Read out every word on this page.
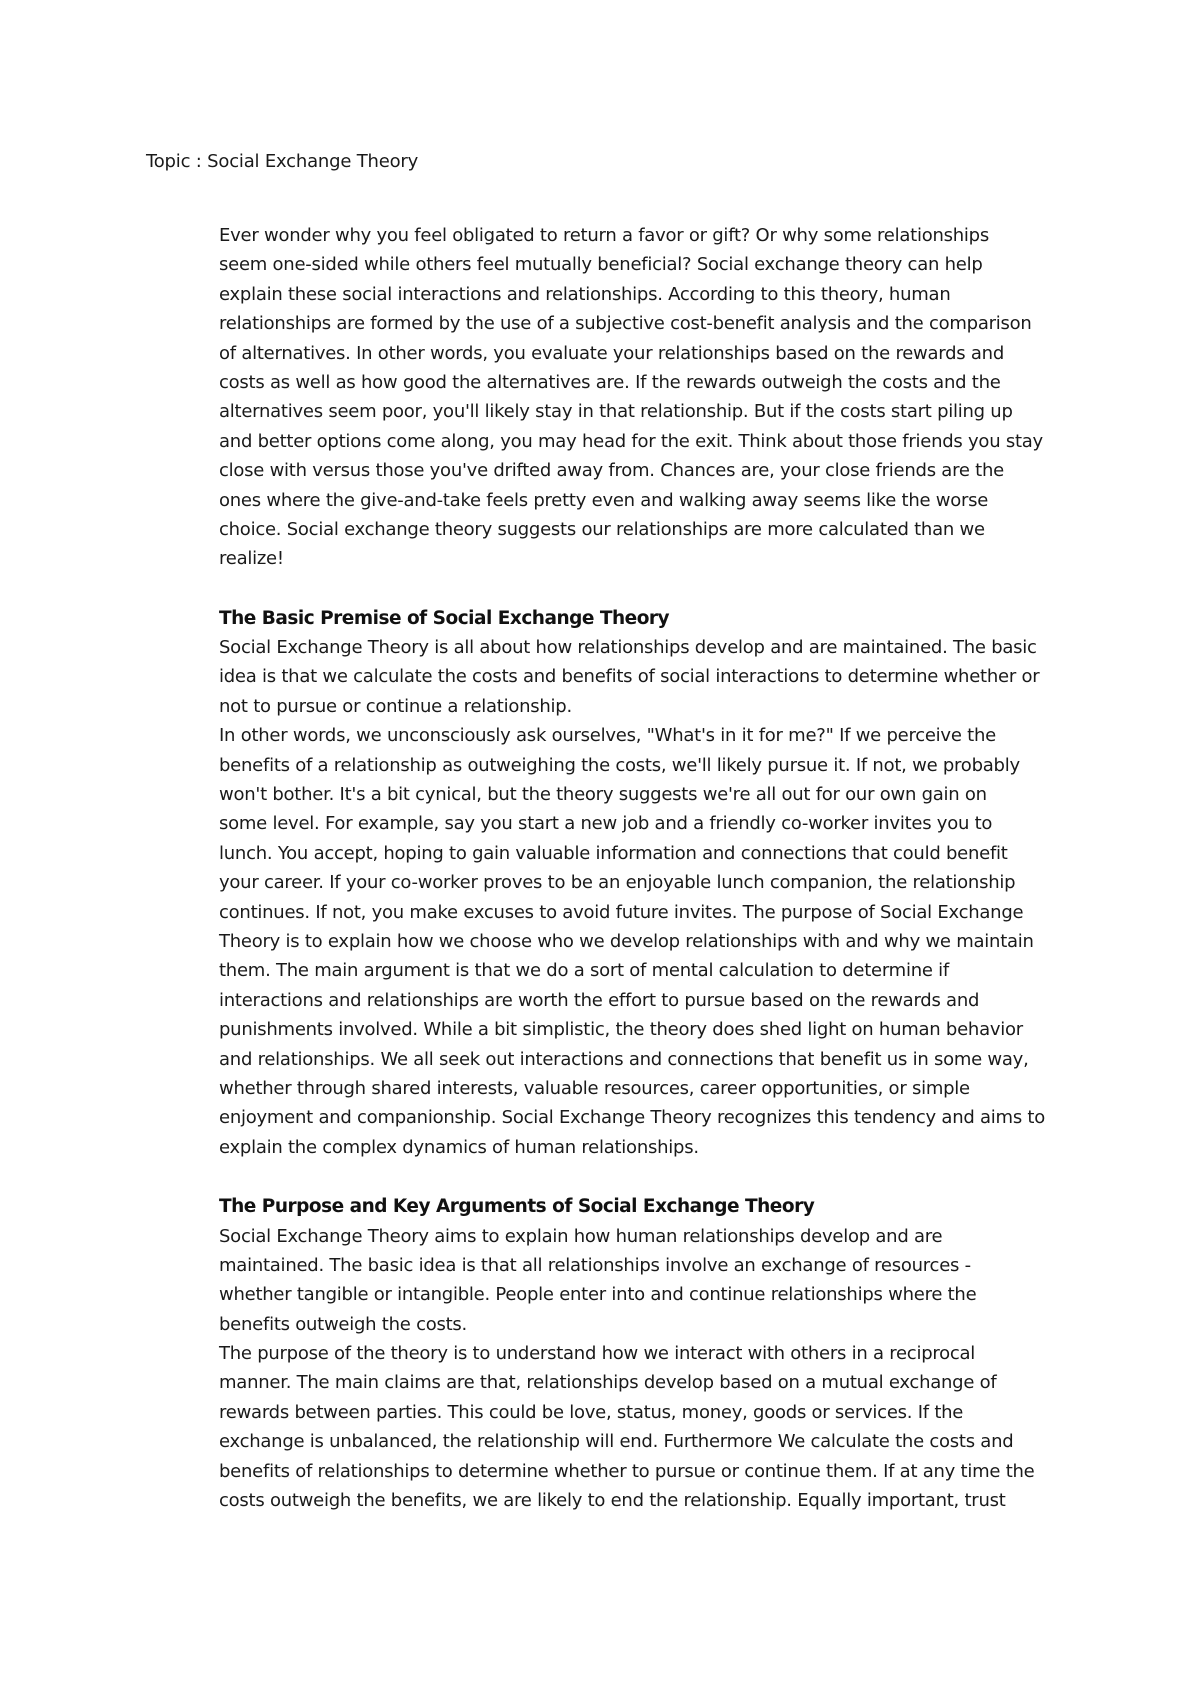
Topic : Social Exchange Theory
Ever wonder why you feel obligated to return a favor or gift? Or why some relationships
seem one-sided while others feel mutually beneficial? Social exchange theory can help
explain these social interactions and relationships. According to this theory, human
relationships are formed by the use of a subjective cost-benefit analysis and the comparison
of alternatives. In other words, you evaluate your relationships based on the rewards and
costs as well as how good the alternatives are. If the rewards outweigh the costs and the
alternatives seem poor, you'll likely stay in that relationship. But if the costs start piling up
and better options come along, you may head for the exit. Think about those friends you stay
close with versus those you've drifted away from. Chances are, your close friends are the
ones where the give-and-take feels pretty even and walking away seems like the worse
choice. Social exchange theory suggests our relationships are more calculated than we
realize!
The Basic Premise of Social Exchange Theory
Social Exchange Theory is all about how relationships develop and are maintained. The basic
idea is that we calculate the costs and benefits of social interactions to determine whether or
not to pursue or continue a relationship.
In other words, we unconsciously ask ourselves, "What's in it for me?" If we perceive the
benefits of a relationship as outweighing the costs, we'll likely pursue it. If not, we probably
won't bother. It's a bit cynical, but the theory suggests we're all out for our own gain on
some level. For example, say you start a new job and a friendly co-worker invites you to
lunch. You accept, hoping to gain valuable information and connections that could benefit
your career. If your co-worker proves to be an enjoyable lunch companion, the relationship
continues. If not, you make excuses to avoid future invites. The purpose of Social Exchange
Theory is to explain how we choose who we develop relationships with and why we maintain
them. The main argument is that we do a sort of mental calculation to determine if
interactions and relationships are worth the effort to pursue based on the rewards and
punishments involved. While a bit simplistic, the theory does shed light on human behavior
and relationships. We all seek out interactions and connections that benefit us in some way,
whether through shared interests, valuable resources, career opportunities, or simple
enjoyment and companionship. Social Exchange Theory recognizes this tendency and aims to
explain the complex dynamics of human relationships.
The Purpose and Key Arguments of Social Exchange Theory
Social Exchange Theory aims to explain how human relationships develop and are
maintained. The basic idea is that all relationships involve an exchange of resources -
whether tangible or intangible. People enter into and continue relationships where the
benefits outweigh the costs.
The purpose of the theory is to understand how we interact with others in a reciprocal
manner. The main claims are that, relationships develop based on a mutual exchange of
rewards between parties. This could be love, status, money, goods or services. If the
exchange is unbalanced, the relationship will end. Furthermore We calculate the costs and
benefits of relationships to determine whether to pursue or continue them. If at any time the
costs outweigh the benefits, we are likely to end the relationship. Equally important, trust
